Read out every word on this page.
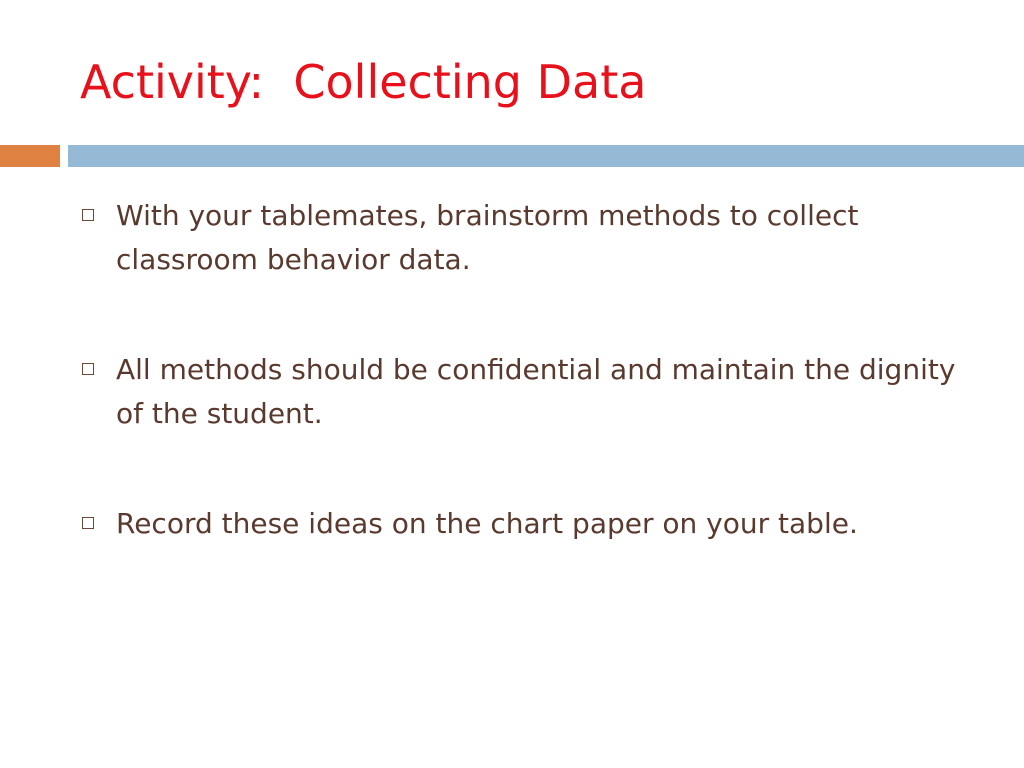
Activity:  Collecting Data
With your tablemates, brainstorm methods to collect classroom behavior data.
All methods should be confidential and maintain the dignity of the student.
Record these ideas on the chart paper on your table.
